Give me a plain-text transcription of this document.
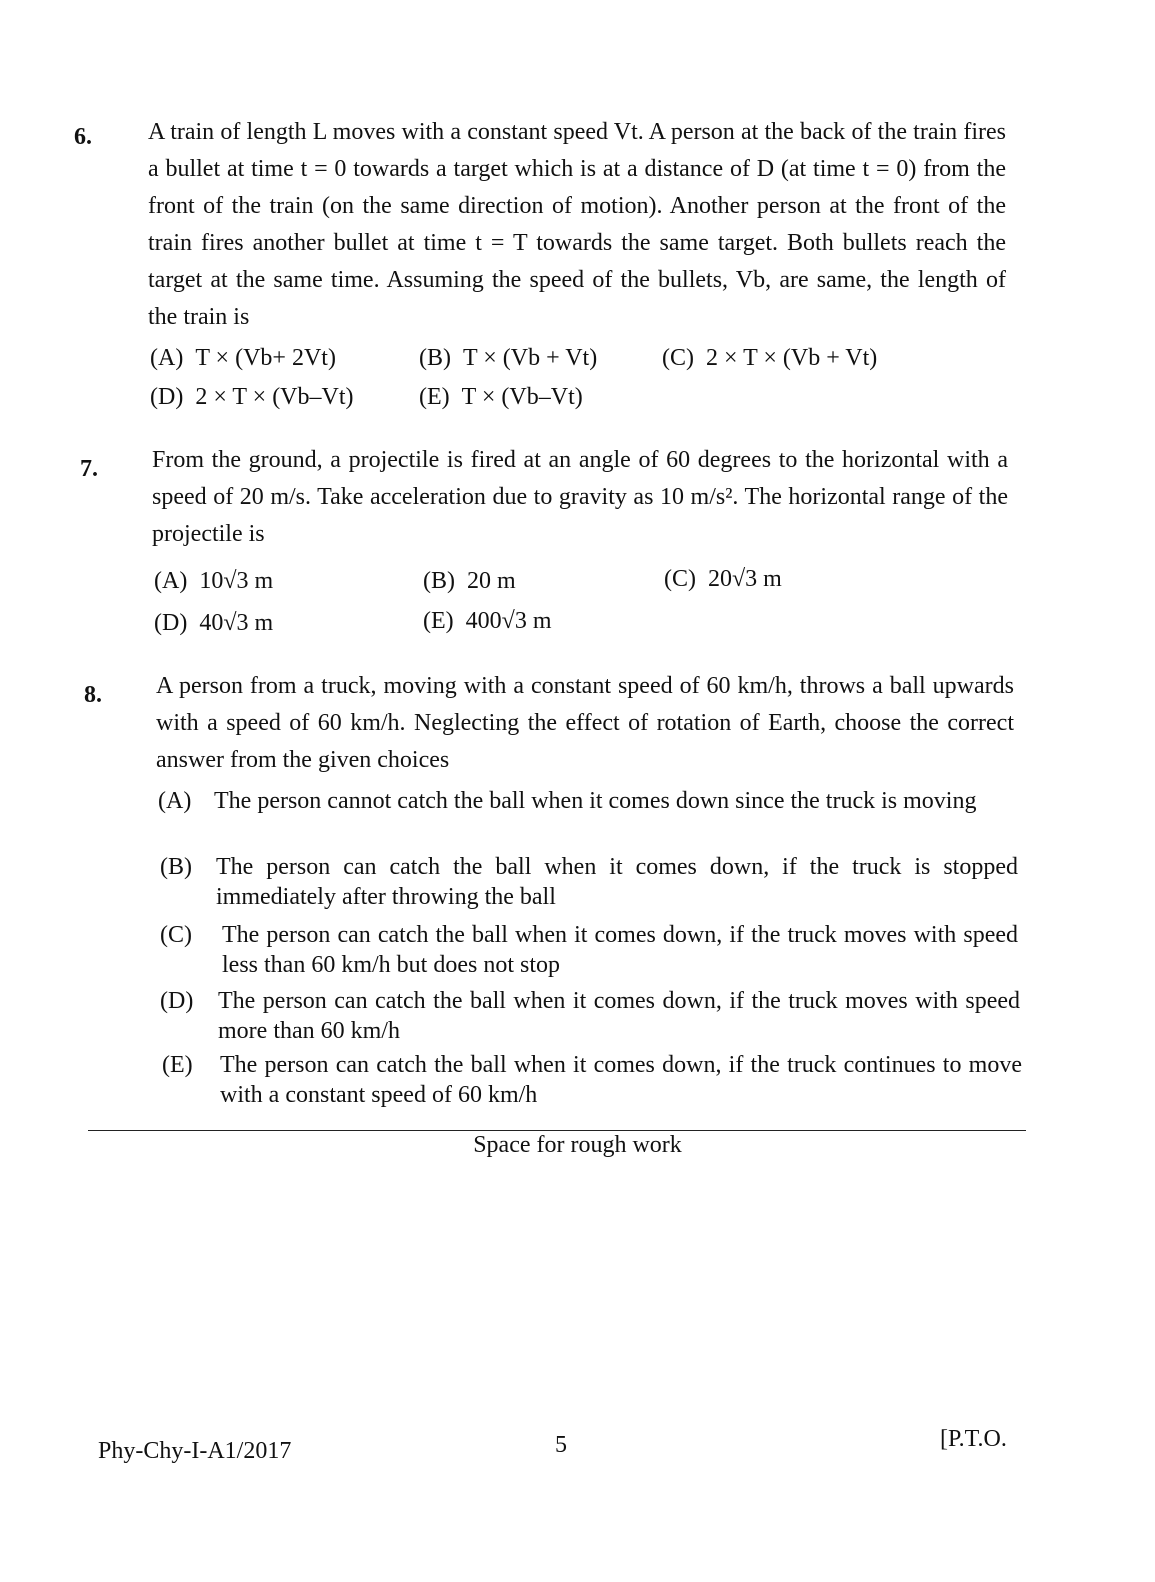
6. A train of length L moves with a constant speed Vt. A person at the back of the train fires a bullet at time t = 0 towards a target which is at a distance of D (at time t = 0) from the front of the train (on the same direction of motion). Another person at the front of the train fires another bullet at time t = T towards the same target. Both bullets reach the target at the same time. Assuming the speed of the bullets, Vb, are same, the length of the train is
(A) T × (Vb+ 2Vt)	(B) T × (Vb + Vt)	(C) 2 × T × (Vb + Vt)
(D) 2 × T × (Vb–Vt)	(E) T × (Vb–Vt)
7. From the ground, a projectile is fired at an angle of 60 degrees to the horizontal with a speed of 20 m/s. Take acceleration due to gravity as 10 m/s². The horizontal range of the projectile is
(A) 10√3 m	(B) 20 m	(C) 20√3 m
(D) 40√3 m	(E) 400√3 m
8. A person from a truck, moving with a constant speed of 60 km/h, throws a ball upwards with a speed of 60 km/h. Neglecting the effect of rotation of Earth, choose the correct answer from the given choices
(A) The person cannot catch the ball when it comes down since the truck is moving
(B) The person can catch the ball when it comes down, if the truck is stopped immediately after throwing the ball
(C) The person can catch the ball when it comes down, if the truck moves with speed less than 60 km/h but does not stop
(D) The person can catch the ball when it comes down, if the truck moves with speed more than 60 km/h
(E) The person can catch the ball when it comes down, if the truck continues to move with a constant speed of 60 km/h
Space for rough work
Phy-Chy-I-A1/2017	5	[P.T.O.
